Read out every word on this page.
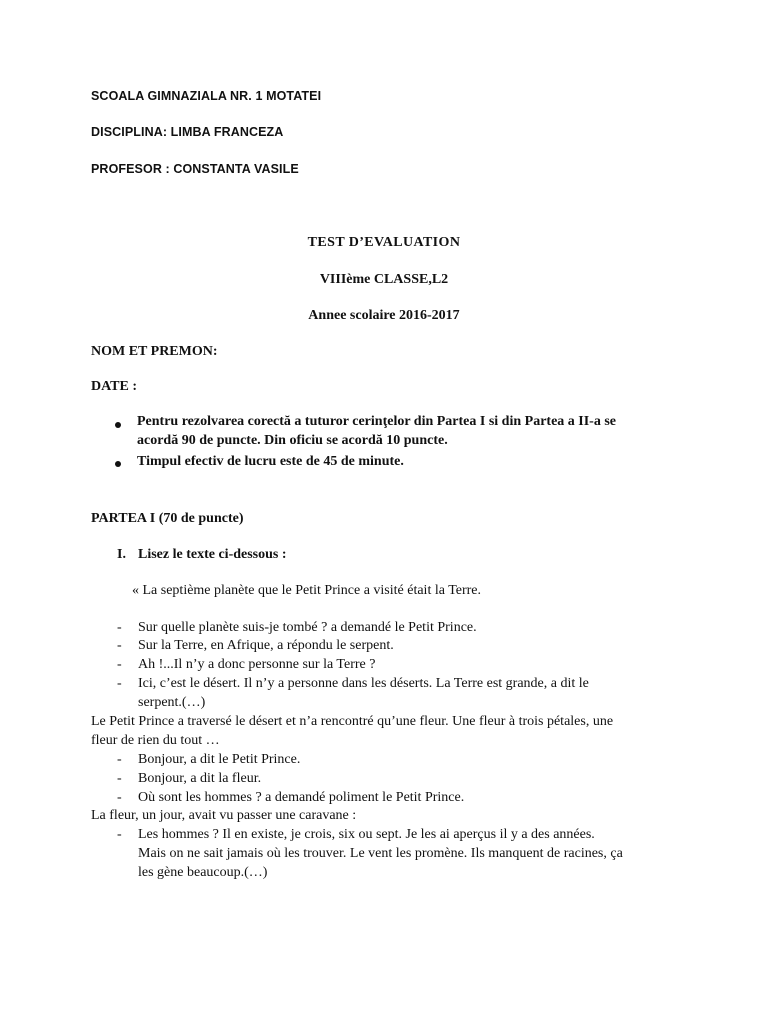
SCOALA GIMNAZIALA NR. 1 MOTATEI
DISCIPLINA: LIMBA FRANCEZA
PROFESOR : CONSTANTA VASILE
TEST D’EVALUATION
VIIIème CLASSE,L2
Annee scolaire 2016-2017
NOM ET PREMON:
DATE :
Pentru rezolvarea corectă a tuturor cerinţelor din Partea I si din Partea a II-a se
acordă 90 de puncte. Din oficiu se acordă 10 puncte.
Timpul efectiv de lucru este de 45 de minute.
PARTEA I (70 de puncte)
I. Lisez le texte ci-dessous :
« La septième planète que le Petit Prince a visité était la Terre.
- Sur quelle planète suis-je tombé ? a demandé le Petit Prince.
- Sur la Terre, en Afrique, a répondu le serpent.
- Ah !...Il n’y a donc personne sur la Terre ?
- Ici, c’est le désert. Il n’y a personne dans les déserts. La Terre est grande, a dit le
serpent.(…)
Le Petit Prince a traversé le désert et n’a rencontré qu’une fleur. Une fleur à trois pétales, une
fleur de rien du tout …
- Bonjour, a dit le Petit Prince.
- Bonjour, a dit la fleur.
- Où sont les hommes ? a demandé poliment le Petit Prince.
La fleur, un jour, avait vu passer une caravane :
- Les hommes ? Il en existe, je crois, six ou sept. Je les ai aperçus il y a des années.
Mais on ne sait jamais où les trouver. Le vent les promène. Ils manquent de racines, ça
les gène beaucoup.(…)
